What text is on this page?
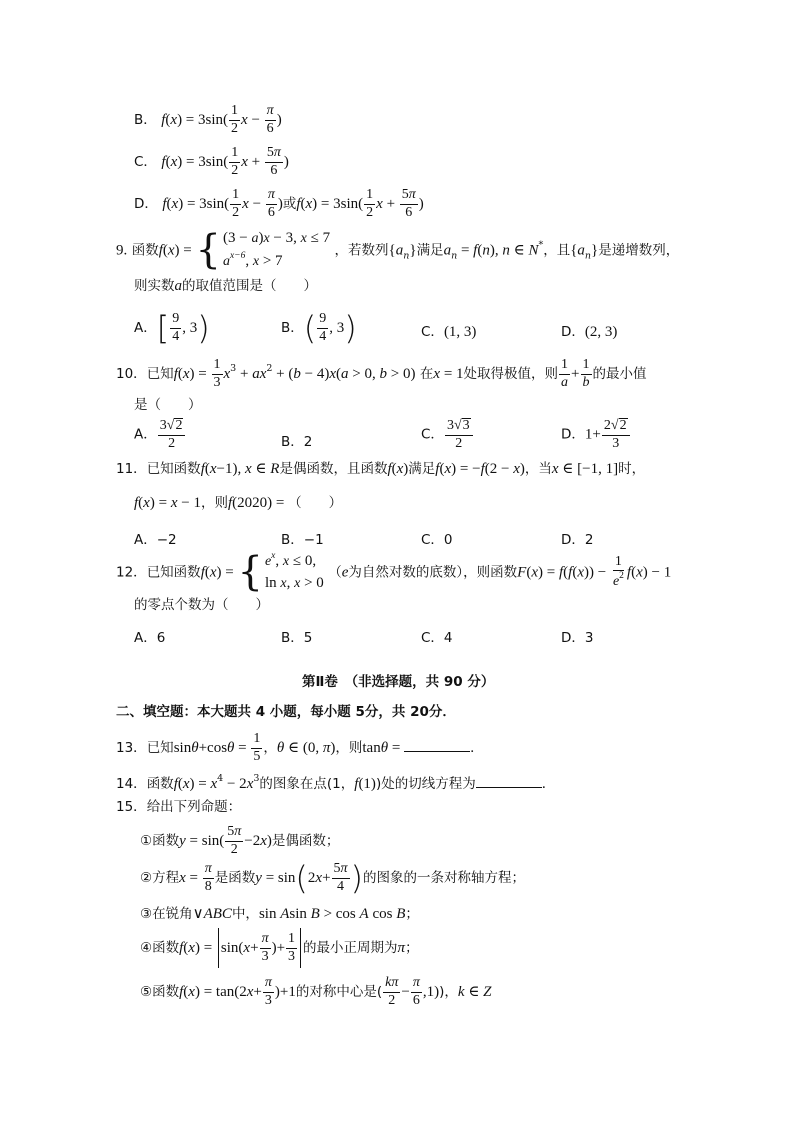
B． $f(x) = 3\sin( \frac{1}{2}$ $x - \frac{\pi}{6}$ )
C． $f(x) = 3\sin( \frac{1}{2}$ $x + \frac{5\pi}{6}$ )
D． $f(x) = 3\sin( \frac{1}{2}$ $x - \frac{\pi}{6}$ )或$f(x) = 3\sin( \frac{1}{2}$ $x + \frac{5\pi}{6}$ )
9. 函数f(x) = { (3 − a)x − 3, x ≤ 7
$a^{x-6}$, x > 7
，若数列$\{a_n\}$满足$a_n = f(n)$, n ∈ N*，且$\{a_n\}$是递增数列，
则实数a的取值范围是（　　）
A．[ $\frac{9}{4}$ , 3)	B．( $\frac{9}{4}$ , 3)	C．(1, 3)	D．(2, 3)
10．已知$f(x) = \frac{1}{3} x^3 + ax^2 + (b - 4)x(a > 0$, b > 0) 在x = 1处取得极值，则 $\frac{1}{a} + \frac{1}{b}$ 的最小值
是（　　）
A． $\frac{3√2}{2}$	B．2	C． $\frac{3√3}{2}$	D．$1+ \frac{2√2}{3}$
11．已知函数f(x−1), x ∈ R是偶函数，且函数f(x)满足f(x) = −f(2 − x)，当x ∈ [−1, 1]时，
f(x) = x − 1，则f(2020) = （　　）
A．−2	B．−1	C．0	D．2
12．已知函数f(x) = { $e^x$, x ≤ 0,
ln x, x > 0
（e为自然对数的底数），则函数$F(x) = f(f(x)) - \frac{1}{e^2} f(x) - 1$
的零点个数为（　　）
A．6	B．5	C．4	D．3
第Ⅱ卷　（非选择题，共 90 分）
二、填空题：本大题共 4 小题，每小题 5分，共 20分．
13．已知$\sin\theta+\cos\theta = \frac{1}{5}$ ，θ ∈ (0, π)，则tanθ =	．
14．函数$f(x) = x^4 - 2x^3$的图象在点(1，f(1))处的切线方程为	．
15．给出下列命题：
①函数$y = \sin( \frac{5\pi}{2} -2x)$是偶函数；
②方程$x = \frac{\pi}{8}$ 是函数$y = \sin(2x+ \frac{5\pi}{4}$ )的图象的一条对称轴方程；
③在锐角∨ABC中，sin Asin B > cos A cos B；
④函数$f(x) = \sin(x+ \frac{\pi}{3}$ )+ $\frac{1}{3}$ 的最小正周期为π；
⑤函数$f(x) = \tan(2x+ \frac{\pi}{3} )+1$的对称中心是( $\frac{k\pi}{2} - \frac{\pi}{6} ,1$))，k ∈ Z
